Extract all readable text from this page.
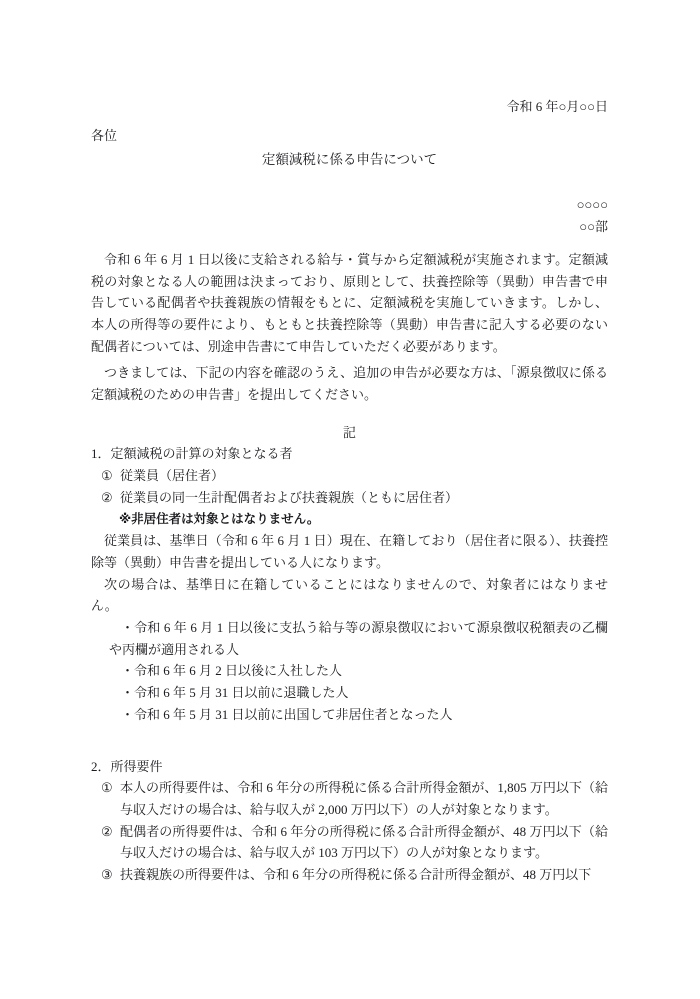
令和 6 年○月○○日
各位
定額減税に係る申告について
○○○○
○○部
令和 6 年 6 月 1 日以後に支給される給与・賞与から定額減税が実施されます。定額減税の対象となる人の範囲は決まっており、原則として、扶養控除等（異動）申告書で申告している配偶者や扶養親族の情報をもとに、定額減税を実施していきます。しかし、本人の所得等の要件により、もともと扶養控除等（異動）申告書に記入する必要のない配偶者については、別途申告書にて申告していただく必要があります。
つきましては、下記の内容を確認のうえ、追加の申告が必要な方は、「源泉徴収に係る定額減税のための申告書」を提出してください。
記
1．定額減税の計算の対象となる者
① 従業員（居住者）
② 従業員の同一生計配偶者および扶養親族（ともに居住者）
※非居住者は対象とはなりません。
従業員は、基準日（令和 6 年 6 月 1 日）現在、在籍しており（居住者に限る）、扶養控除等（異動）申告書を提出している人になります。
次の場合は、基準日に在籍していることにはなりませんので、対象者にはなりません。
・令和 6 年 6 月 1 日以後に支払う給与等の源泉徴収において源泉徴収税額表の乙欄や丙欄が適用される人
・令和 6 年 6 月 2 日以後に入社した人
・令和 6 年 5 月 31 日以前に退職した人
・令和 6 年 5 月 31 日以前に出国して非居住者となった人
2．所得要件
① 本人の所得要件は、令和 6 年分の所得税に係る合計所得金額が、1,805 万円以下（給与収入だけの場合は、給与収入が 2,000 万円以下）の人が対象となります。
② 配偶者の所得要件は、令和 6 年分の所得税に係る合計所得金額が、48 万円以下（給与収入だけの場合は、給与収入が 103 万円以下）の人が対象となります。
③ 扶養親族の所得要件は、令和 6 年分の所得税に係る合計所得金額が、48 万円以下
